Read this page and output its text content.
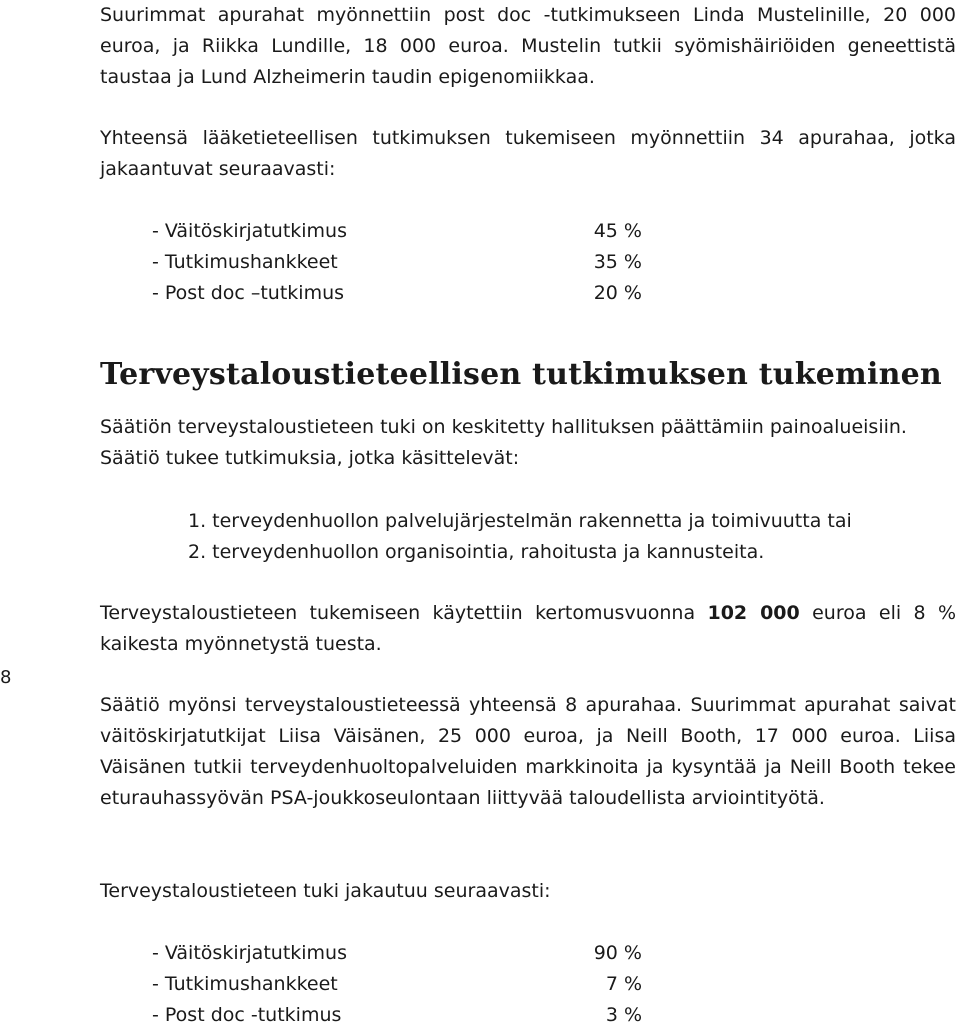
8

Suurimmat apurahat myönnettiin post doc -tutkimukseen Linda Mustelinille, 20 000 euroa, ja Riikka Lundille, 18 000 euroa. Mustelin tutkii syömishäiriöiden geneettistä taustaa ja Lund Alzheimerin taudin epigenomiikkaa.

Yhteensä lääketieteellisen tutkimuksen tukemiseen myönnettiin 34 apurahaa, jotka jakaantuvat seuraavasti:

- Väitöskirjatutkimus	45 %
- Tutkimushankkeet	35 %
- Post doc –tutkimus	20 %
Terveystaloustieteellisen tutkimuksen tukeminen

Säätiön terveystaloustieteen tuki on keskitetty hallituksen päättämiin painoalueisiin. Säätiö tukee tutkimuksia, jotka käsittelevät:

1. terveydenhuollon palvelujärjestelmän rakennetta ja toimivuutta tai
2. terveydenhuollon organisointia, rahoitusta ja kannusteita.

Terveystaloustieteen tukemiseen käytettiin kertomusvuonna 102 000 euroa eli 8 % kaikesta myönnetystä tuesta.

Säätiö myönsi terveystaloustieteessä yhteensä 8 apurahaa. Suurimmat apurahat saivat väitöskirjatutkijat Liisa Väisänen, 25 000 euroa, ja Neill Booth, 17 000 euroa. Liisa Väisänen tutkii terveydenhuoltopalveluiden markkinoita ja kysyntää ja Neill Booth tekee eturauhassyövän PSA-joukkoseulontaan liittyvää taloudellista arviointityötä.

Terveystaloustieteen tuki jakautuu seuraavasti:

- Väitöskirjatutkimus	90 %
- Tutkimushankkeet	7 %
- Post doc -tutkimus	3 %
